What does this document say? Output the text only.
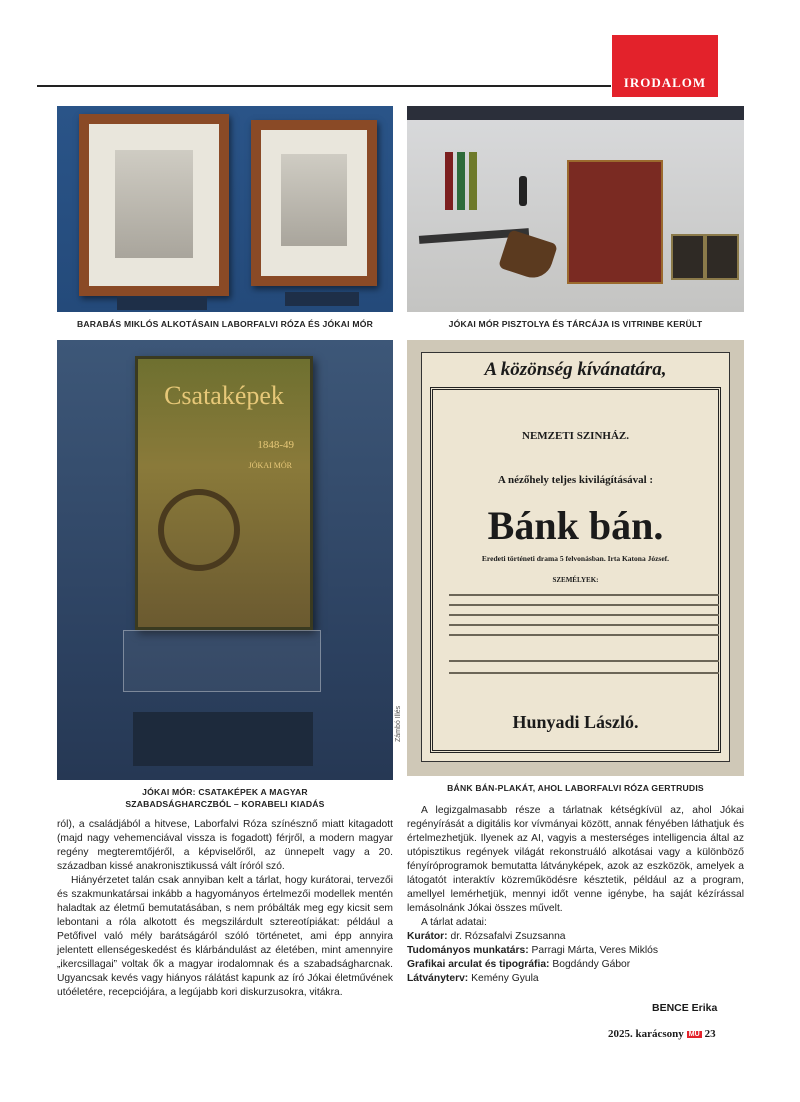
IRODALOM
BARABÁS MIKLÓS ALKOTÁSAIN LABORFALVI RÓZA ÉS JÓKAI MÓR	JÓKAI MÓR PISZTOLYA ÉS TÁRCÁJA IS VITRINBE KERÜLT
Csataképek
1848-49
JÓKAI MÓR
Zámbó Illés
JÓKAI MÓR: CSATAKÉPEK A MAGYAR
SZABADSÁGHARCZBÓL – KORABELI KIADÁS
A közönség kívánatára,
NEMZETI SZINHÁZ.
A nézőhely teljes kivilágításával :
Bánk bán.
Eredeti történeti drama 5 felvonásban. Irta Katona József.
SZEMÉLYEK:
Hunyadi László.
BÁNK BÁN-PLAKÁT, AHOL LABORFALVI RÓZA GERTRUDIS

ról), a családjából a hitvese, Laborfalvi Róza színésznő miatt kitagadott (majd nagy vehemenciával vissza is fogadott) férjről, a modern magyar regény megteremtőjéről, a képviselőről, az ünnepelt vagy a 20. században kissé anakronisztikussá vált íróról szó.

Hiányérzetet talán csak annyiban kelt a tárlat, hogy kurátorai, tervezői és szakmunkatársai inkább a hagyományos értelmezői modellek mentén haladtak az életmű bemutatásában, s nem próbálták meg egy kicsit sem lebontani a róla alkotott és megszilárdult sztereotípiákat: például a Petőfivel való mély barátságáról szóló történetet, ami épp annyira jelentett ellenségeskedést és klárbándulást az életében, mint amennyire „ikercsillagai” voltak ők a magyar irodalomnak és a szabadságharcnak. Ugyancsak kevés vagy hiányos rálátást kapunk az író Jókai életművének utóéletére, recepciójára, a legújabb kori diskurzusokra, vitákra.

A legizgalmasabb része a tárlatnak kétségkívül az, ahol Jókai regényírását a digitális kor vívmányai között, annak fényében láthatjuk és értelmezhetjük. Ilyenek az AI, vagyis a mesterséges intelligencia által az utópisztikus regények világát rekonstruáló alkotásai vagy a különböző fényíróprogramok bemutatta látványképek, azok az eszközök, amelyek a látogatót interaktív közreműködésre késztetik, például az a program, amellyel lemérhetjük, mennyi időt venne igénybe, ha saját kézírással lemásolnánk Jókai összes művelt.

A tárlat adatai:

Kurátor: dr. Rózsafalvi Zsuzsanna

Tudományos munkatárs: Parragi Márta, Veres Miklós

Grafikai arculat és tipográfia: Bogdándy Gábor

Látványterv: Kemény Gyula

BENCE Erika
2025. karácsony MŰ 23
